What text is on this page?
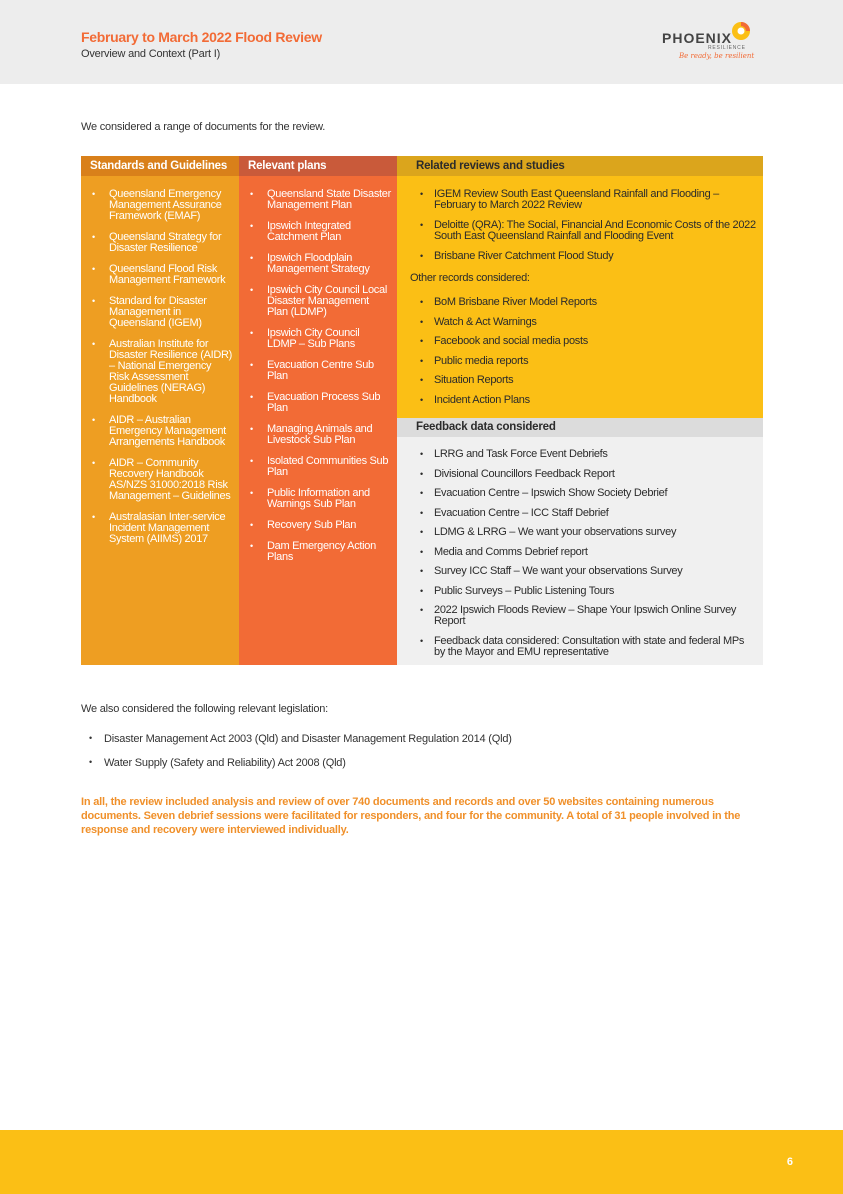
February to March 2022 Flood Review
Overview and Context (Part I)
PHOENIX
RESILIENCE
Be ready, be resilient
We considered a range of documents for the review.
Standards and Guidelines
• Queensland Emergency Management Assurance Framework (EMAF)
• Queensland Strategy for Disaster Resilience
• Queensland Flood Risk Management Framework
• Standard for Disaster Management in Queensland (IGEM)
• Australian Institute for Disaster Resilience (AIDR) – National Emergency Risk Assessment Guidelines (NERAG) Handbook
• AIDR – Australian Emergency Management Arrangements Handbook
• AIDR – Community Recovery Handbook AS/NZS 31000:2018 Risk Management – Guidelines
• Australasian Inter-service Incident Management System (AIIMS) 2017
Relevant plans
• Queensland State Disaster Management Plan
• Ipswich Integrated Catchment Plan
• Ipswich Floodplain Management Strategy
• Ipswich City Council Local Disaster Management Plan (LDMP)
• Ipswich City Council LDMP – Sub Plans
• Evacuation Centre Sub Plan
• Evacuation Process Sub Plan
• Managing Animals and Livestock Sub Plan
• Isolated Communities Sub Plan
• Public Information and Warnings Sub Plan
• Recovery Sub Plan
• Dam Emergency Action Plans
Related reviews and studies
• IGEM Review South East Queensland Rainfall and Flooding – February to March 2022 Review
• Deloitte (QRA): The Social, Financial And Economic Costs of the 2022 South East Queensland Rainfall and Flooding Event
• Brisbane River Catchment Flood Study
Other records considered:
• BoM Brisbane River Model Reports
• Watch & Act Warnings
• Facebook and social media posts
• Public media reports
• Situation Reports
• Incident Action Plans
Feedback data considered
• LRRG and Task Force Event Debriefs
• Divisional Councillors Feedback Report
• Evacuation Centre – Ipswich Show Society Debrief
• Evacuation Centre – ICC Staff Debrief
• LDMG & LRRG – We want your observations survey
• Media and Comms Debrief report
• Survey ICC Staff – We want your observations Survey
• Public Surveys – Public Listening Tours
• 2022 Ipswich Floods Review – Shape Your Ipswich Online Survey Report
• Feedback data considered: Consultation with state and federal MPs by the Mayor and EMU representative
We also considered the following relevant legislation:
• Disaster Management Act 2003 (Qld) and Disaster Management Regulation 2014 (Qld)
• Water Supply (Safety and Reliability) Act 2008 (Qld)
In all, the review included analysis and review of over 740 documents and records and over 50 websites containing numerous documents. Seven debrief sessions were facilitated for responders, and four for the community. A total of 31 people involved in the response and recovery were interviewed individually.
6
